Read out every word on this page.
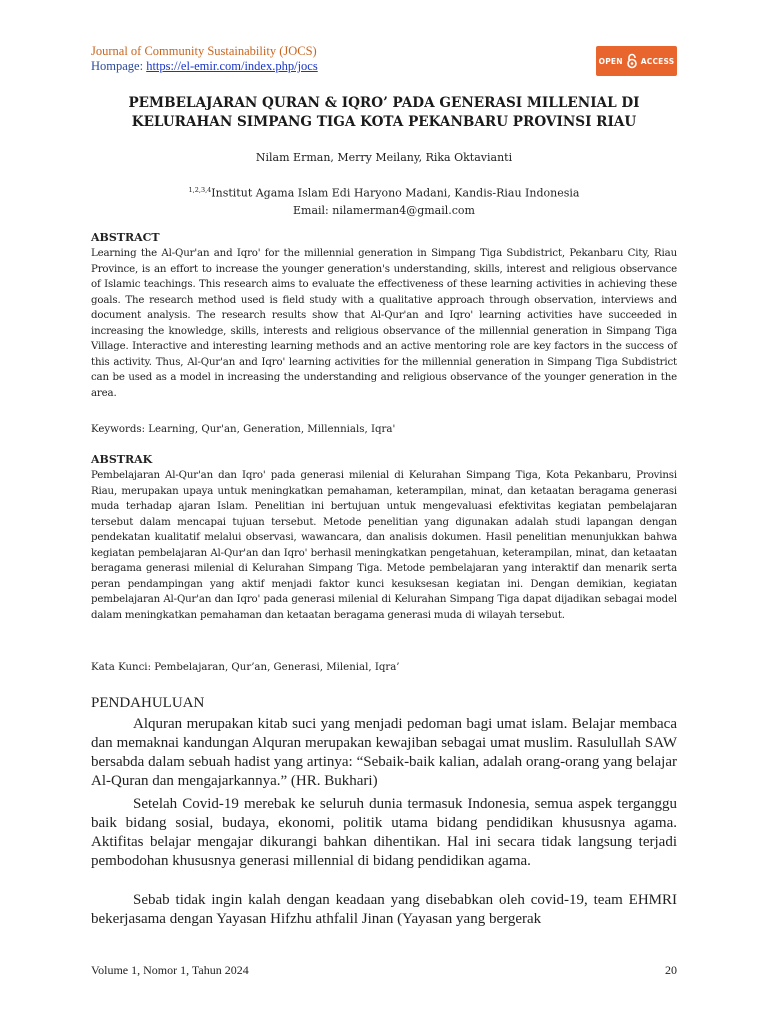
Journal of Community Sustainability (JOCS)
Hompage: https://el-emir.com/index.php/jocs	OPEN ACCESS
PEMBELAJARAN QURAN & IQRO’ PADA GENERASI MILLENIAL DI
KELURAHAN SIMPANG TIGA KOTA PEKANBARU PROVINSI RIAU
Nilam Erman, Merry Meilany, Rika Oktavianti
$^{1,2,3,4}$Institut Agama Islam Edi Haryono Madani, Kandis-Riau Indonesia
Email: nilamerman4@gmail.com
ABSTRACT
Learning the Al-Qur'an and Iqro' for the millennial generation in Simpang Tiga Subdistrict, Pekanbaru City, Riau Province, is an effort to increase the younger generation's understanding, skills, interest and religious observance of Islamic teachings. This research aims to evaluate the effectiveness of these learning activities in achieving these goals. The research method used is field study with a qualitative approach through observation, interviews and document analysis. The research results show that Al-Qur'an and Iqro' learning activities have succeeded in increasing the knowledge, skills, interests and religious observance of the millennial generation in Simpang Tiga Village. Interactive and interesting learning methods and an active mentoring role are key factors in the success of this activity. Thus, Al-Qur'an and Iqro' learning activities for the millennial generation in Simpang Tiga Subdistrict can be used as a model in increasing the understanding and religious observance of the younger generation in the area.
Keywords: Learning, Qur'an, Generation, Millennials, Iqra'
ABSTRAK
Pembelajaran Al-Qur'an dan Iqro' pada generasi milenial di Kelurahan Simpang Tiga, Kota Pekanbaru, Provinsi Riau, merupakan upaya untuk meningkatkan pemahaman, keterampilan, minat, dan ketaatan beragama generasi muda terhadap ajaran Islam. Penelitian ini bertujuan untuk mengevaluasi efektivitas kegiatan pembelajaran tersebut dalam mencapai tujuan tersebut. Metode penelitian yang digunakan adalah studi lapangan dengan pendekatan kualitatif melalui observasi, wawancara, dan analisis dokumen. Hasil penelitian menunjukkan bahwa kegiatan pembelajaran Al-Qur'an dan Iqro' berhasil meningkatkan pengetahuan, keterampilan, minat, dan ketaatan beragama generasi milenial di Kelurahan Simpang Tiga. Metode pembelajaran yang interaktif dan menarik serta peran pendampingan yang aktif menjadi faktor kunci kesuksesan kegiatan ini. Dengan demikian, kegiatan pembelajaran Al-Qur'an dan Iqro' pada generasi milenial di Kelurahan Simpang Tiga dapat dijadikan sebagai model dalam meningkatkan pemahaman dan ketaatan beragama generasi muda di wilayah tersebut.
Kata Kunci: Pembelajaran, Qur’an, Generasi, Milenial, Iqra’
PENDAHULUAN
Alquran merupakan kitab suci yang menjadi pedoman bagi umat islam. Belajar membaca dan memaknai kandungan Alquran merupakan kewajiban sebagai umat muslim. Rasulullah SAW bersabda dalam sebuah hadist yang artinya: “Sebaik-baik kalian, adalah orang-orang yang belajar Al-Quran dan mengajarkannya.” (HR. Bukhari)
Setelah Covid-19 merebak ke seluruh dunia termasuk Indonesia, semua aspek terganggu baik bidang sosial, budaya, ekonomi, politik utama bidang pendidikan khususnya agama. Aktifitas belajar mengajar dikurangi bahkan dihentikan. Hal ini secara tidak langsung terjadi pembodohan khususnya generasi millennial di bidang pendidikan agama.
Sebab tidak ingin kalah dengan keadaan yang disebabkan oleh covid-19, team EHMRI bekerjasama dengan Yayasan Hifzhu athfalil Jinan (Yayasan yang bergerak
Volume 1, Nomor 1, Tahun 2024	20
